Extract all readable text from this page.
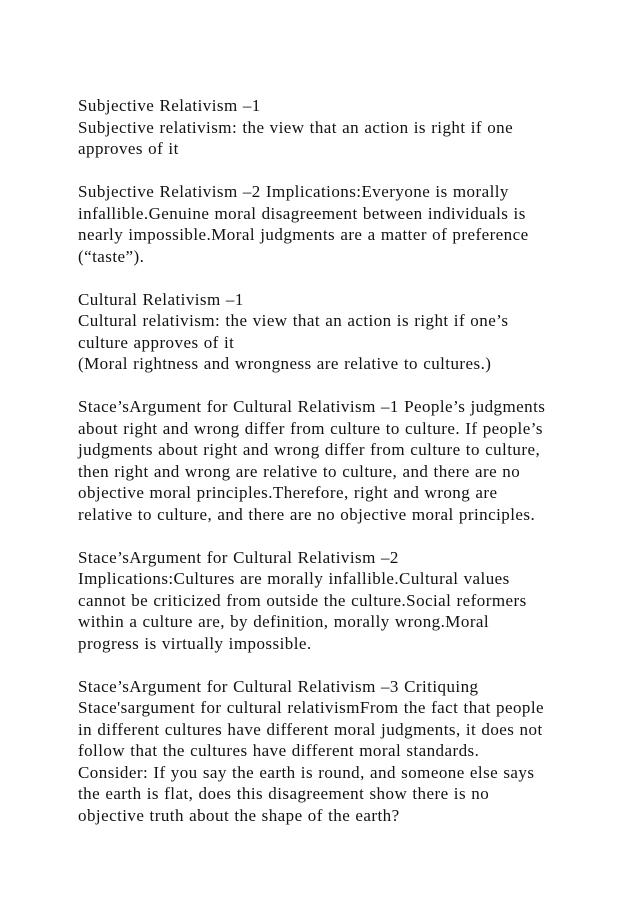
Subjective Relativism –1
Subjective relativism: the view that an action is right if one
approves of it
Subjective Relativism –2 Implications:Everyone is morally
infallible.Genuine moral disagreement between individuals is
nearly impossible.Moral judgments are a matter of preference
(“taste”).
Cultural Relativism –1
Cultural relativism: the view that an action is right if one’s
culture approves of it
(Moral rightness and wrongness are relative to cultures.)
Stace’sArgument for Cultural Relativism –1 People’s judgments
about right and wrong differ from culture to culture. If people’s
judgments about right and wrong differ from culture to culture,
then right and wrong are relative to culture, and there are no
objective moral principles.Therefore, right and wrong are
relative to culture, and there are no objective moral principles.
Stace’sArgument for Cultural Relativism –2
Implications:Cultures are morally infallible.Cultural values
cannot be criticized from outside the culture.Social reformers
within a culture are, by definition, morally wrong.Moral
progress is virtually impossible.
Stace’sArgument for Cultural Relativism –3 Critiquing
Stace'sargument for cultural relativismFrom the fact that people
in different cultures have different moral judgments, it does not
follow that the cultures have different moral standards.
Consider: If you say the earth is round, and someone else says
the earth is flat, does this disagreement show there is no
objective truth about the shape of the earth?
